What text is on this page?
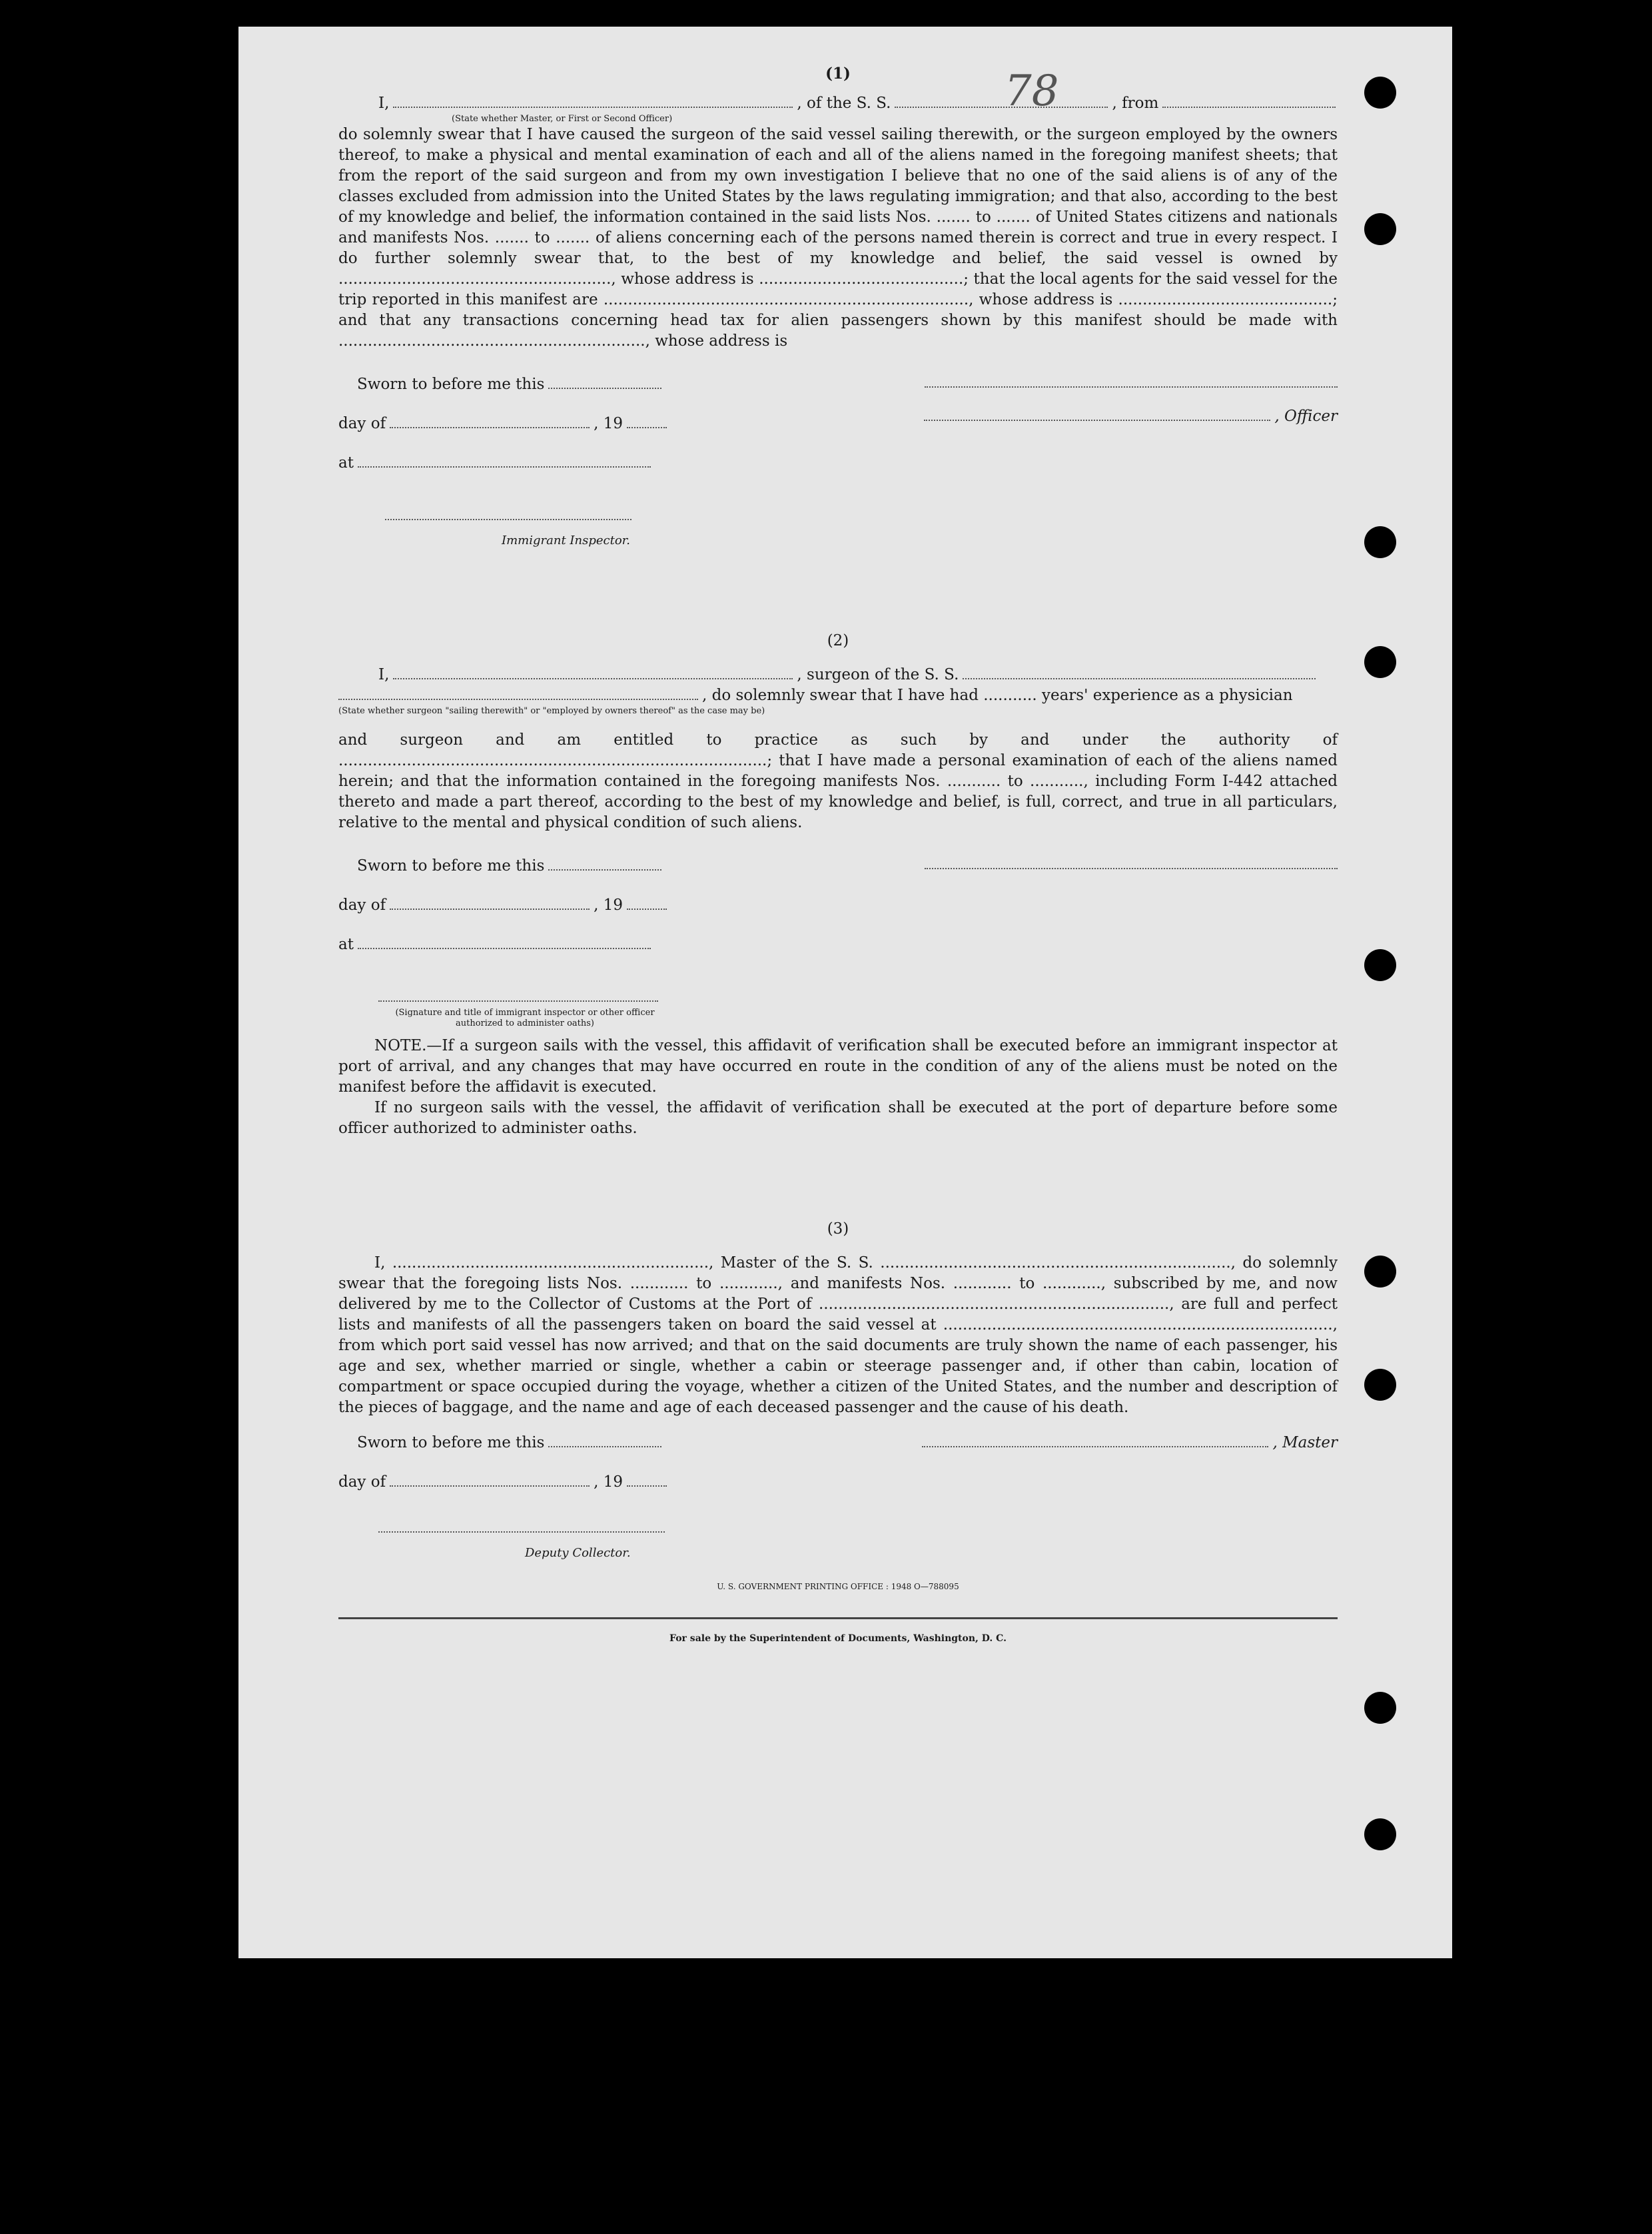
78

(1)

I,	, of the S. S.	, from

(State whether Master, or First or Second Officer)

do solemnly swear that I have caused the surgeon of the said vessel sailing therewith, or the surgeon employed by the owners thereof, to make a physical and mental examination of each and all of the aliens named in the foregoing manifest sheets; that from the report of the said surgeon and from my own investigation I believe that no one of the said aliens is of any of the classes excluded from admission into the United States by the laws regulating immigration; and that also, according to the best of my knowledge and belief, the information contained in the said lists Nos. ....... to ....... of United States citizens and nationals and manifests Nos. ....... to ....... of aliens concerning each of the persons named therein is correct and true in every respect. I do further solemnly swear that, to the best of my knowledge and belief, the said vessel is owned by ........................................................, whose address is ..........................................; that the local agents for the said vessel for the trip reported in this manifest are ..........................................................................., whose address is ............................................; and that any transactions concerning head tax for alien passengers shown by this manifest should be made with ..............................................................., whose address is

Sworn to before me this
day of	, 19
at
, Officer

Immigrant Inspector.

(2)

I,	, surgeon of the S. S.
, do solemnly swear that I have had ........... years' experience as a physician

(State whether surgeon "sailing therewith" or "employed by owners thereof" as the case may be)

and surgeon and am entitled to practice as such by and under the authority of ........................................................................................; that I have made a personal examination of each of the aliens named herein; and that the information contained in the foregoing manifests Nos. ........... to ..........., including Form I-442 attached thereto and made a part thereof, according to the best of my knowledge and belief, is full, correct, and true in all particulars, relative to the mental and physical condition of such aliens.

Sworn to before me this
day of	, 19
at

(Signature and title of immigrant inspector or other officer authorized to administer oaths)

NOTE.—If a surgeon sails with the vessel, this affidavit of verification shall be executed before an immigrant inspector at port of arrival, and any changes that may have occurred en route in the condition of any of the aliens must be noted on the manifest before the affidavit is executed.

If no surgeon sails with the vessel, the affidavit of verification shall be executed at the port of departure before some officer authorized to administer oaths.

(3)

I, ................................................................., Master of the S. S. ........................................................................, do solemnly swear that the foregoing lists Nos. ............ to ............, and manifests Nos. ............ to ............, subscribed by me, and now delivered by me to the Collector of Customs at the Port of ........................................................................, are full and perfect lists and manifests of all the passengers taken on board the said vessel at ................................................................................, from which port said vessel has now arrived; and that on the said documents are truly shown the name of each passenger, his age and sex, whether married or single, whether a cabin or steerage passenger and, if other than cabin, location of compartment or space occupied during the voyage, whether a citizen of the United States, and the number and description of the pieces of baggage, and the name and age of each deceased passenger and the cause of his death.

Sworn to before me this
day of	, 19
, Master

Deputy Collector.

U. S. GOVERNMENT PRINTING OFFICE : 1948 O—788095

For sale by the Superintendent of Documents, Washington, D. C.
